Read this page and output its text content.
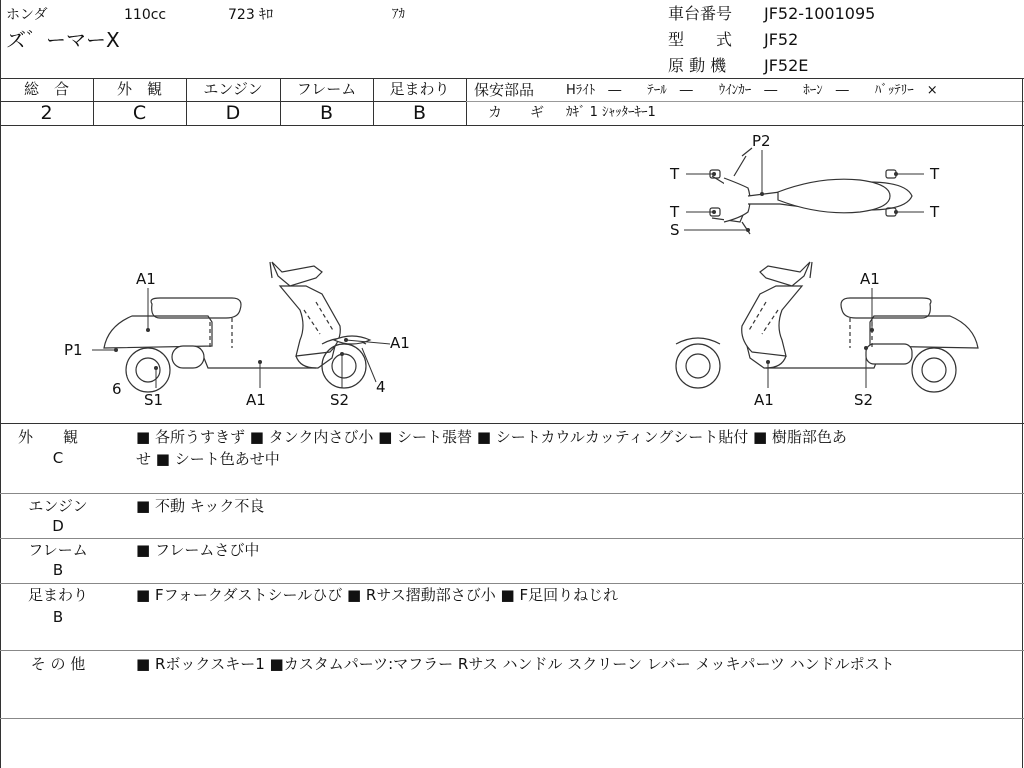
ホンダ	110cc	723 ｷﾛ	ｱｶ
ズ゛ーマーX
車台番号 JF52-1001095
型　　式 JF52
原 動 機 JF52E
総　合
2
外　観
C
エンジン
D
フレーム
B
足まわり
B
保安部品 Hﾗｲﾄ　―　　ﾃｰﾙ　―　　ｳｲﾝｶｰ　―　　ﾎｰﾝ　―　　ﾊﾞｯﾃﾘｰ　×
カ　　ギ ｶｷﾞ 1 ｼｬｯﾀｰｷｰ1
A1
P1
6
S1	A1	S2
A1
4
A1
A1	S2
P2
T
T
T
T
S
外　　観
C
■ 各所うすきず ■ タンク内さび小 ■ シート張替 ■ シートカウルカッティングシート貼付 ■ 樹脂部色あ
せ ■ シート色あせ中
エンジン
D
■ 不動 キック不良
フレーム
B
■ フレームさび中
足まわり
B
■ Fフォークダストシールひび ■ Rサス摺動部さび小 ■ F足回りねじれ
そ の 他	■ Rボックスキー1 ■カスタムパーツ:マフラー Rサス ハンドル スクリーン レバー メッキパーツ ハンドルポスト
